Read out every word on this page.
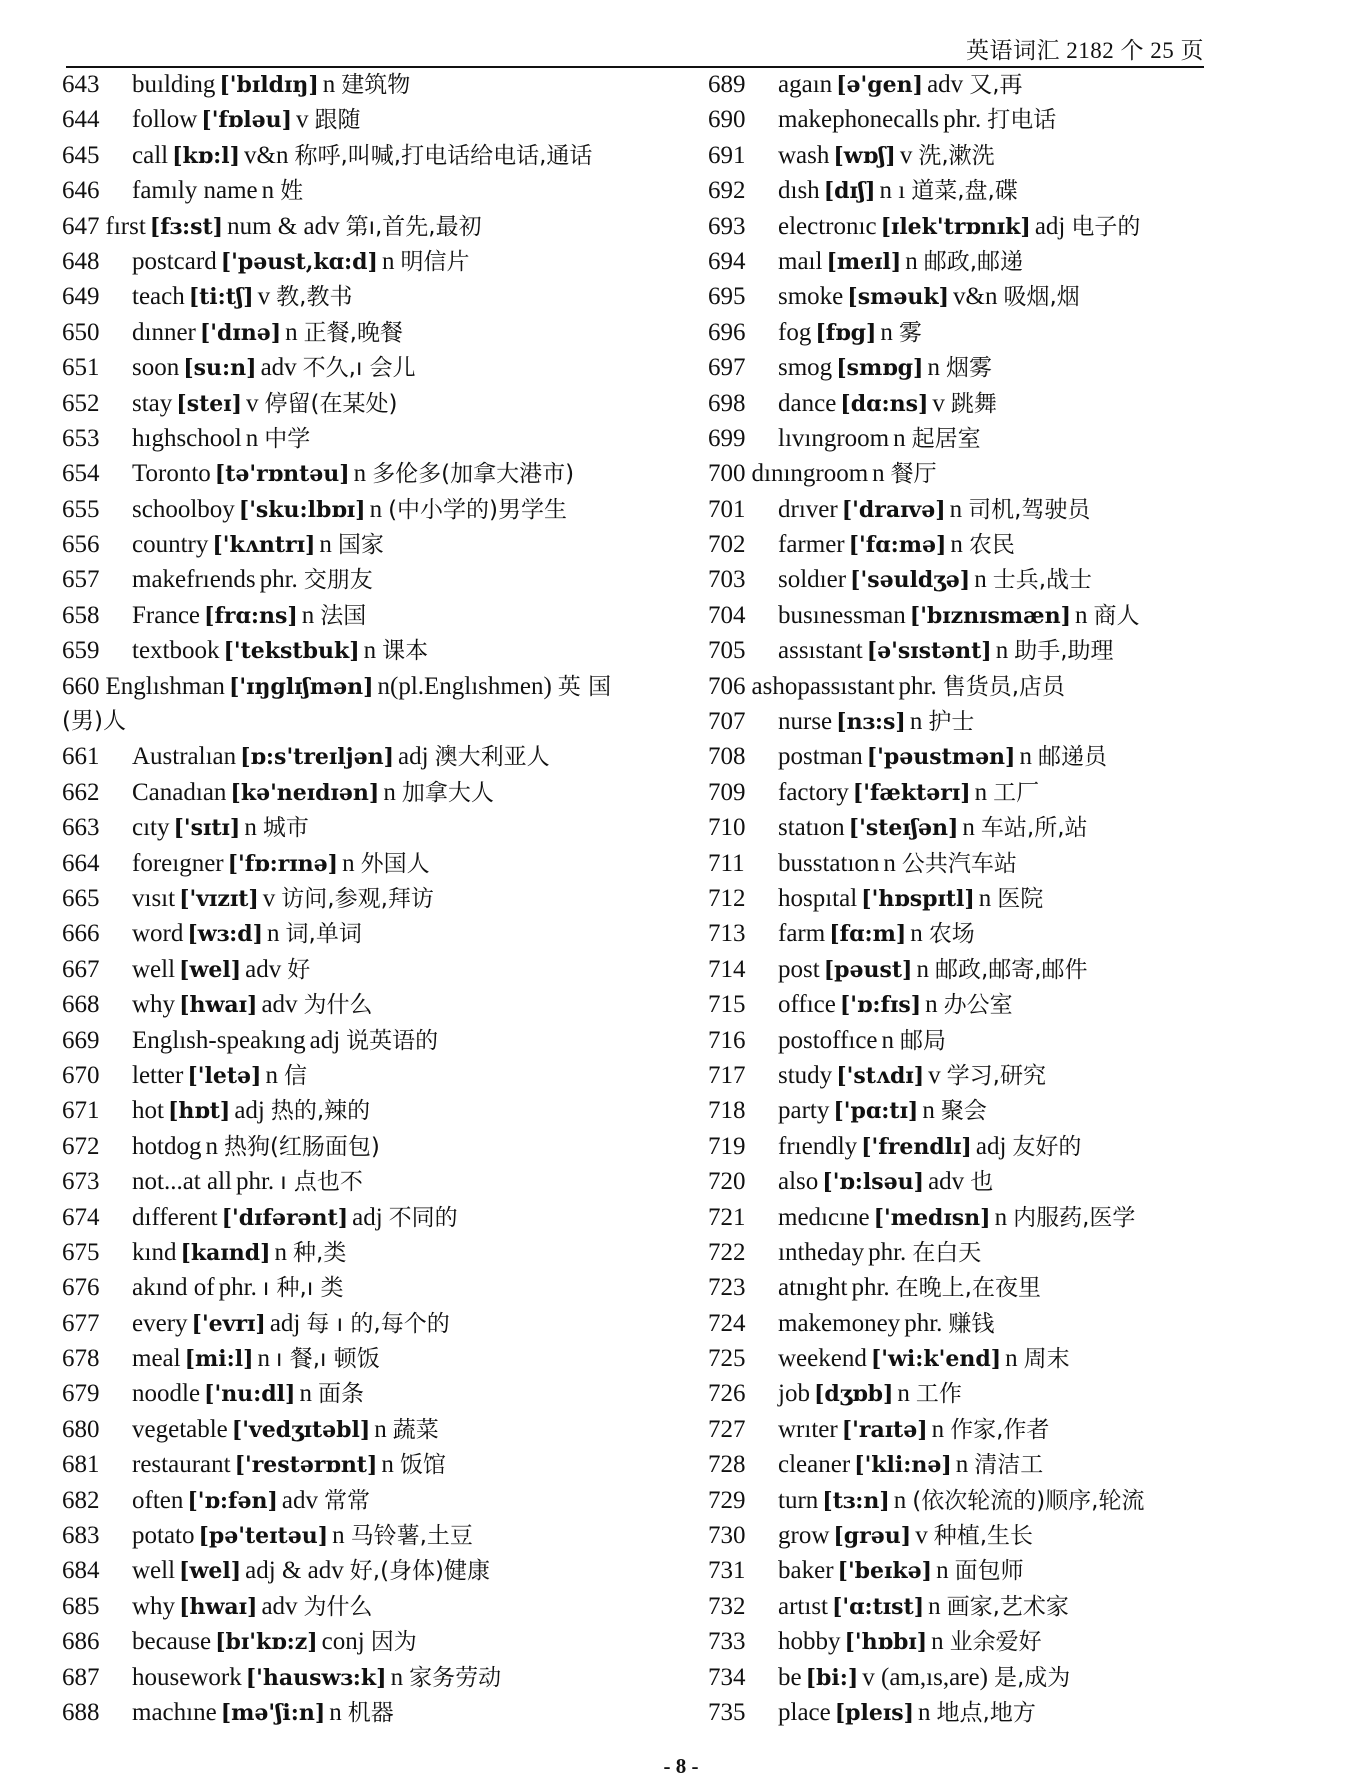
英语词汇 2182 个 25 页
643	buılding ['bɪldɪŋ] n 建筑物
644	follow ['fɒləu] v 跟随
645	call [kɒ:l] v&n 称呼,叫喊,打电话给电话,通话
646	famıly name n 姓
647 fırst [fɜ:st] num & adv 第ı,首先,最初
648	postcard ['pəust,kɑ:d] n 明信片
649	teach [ti:tʃ] v 教,教书
650	dınner ['dɪnə] n 正餐,晚餐
651	soon [su:n] adv 不久,ı 会儿
652	stay [steɪ] v 停留(在某处)
653	hıghschool n 中学
654	Toronto [tə'rɒntəu] n 多伦多(加拿大港市)
655	schoolboy ['sku:lbɒɪ] n (中小学的)男学生
656	country ['kʌntrɪ] n 国家
657	makefrıends phr. 交朋友
658	France [frɑ:ns] n 法国
659	textbook ['tekstbuk] n 课本
660 Englıshman ['ɪŋglɪʃmən] n(pl.Englıshmen) 英 国
(男)人
661	Australıan [ɒ:s'treɪljən] adj 澳大利亚人
662	Canadıan [kə'neɪdɪən] n 加拿大人
663	cıty ['sɪtɪ] n 城市
664	foreıgner ['fɒ:rɪnə] n 外国人
665	vısıt ['vɪzɪt] v 访问,参观,拜访
666	word [wɜ:d] n 词,单词
667	well [wel] adv 好
668	why [hwaɪ] adv 为什么
669	Englısh-speakıng adj 说英语的
670	letter ['letə] n 信
671	hot [hɒt] adj 热的,辣的
672	hotdog n 热狗(红肠面包)
673	not...at all phr. ı 点也不
674	dıfferent ['dɪfərənt] adj 不同的
675	kınd [kaɪnd] n 种,类
676	akınd of phr. ı 种,ı 类
677	every ['evrɪ] adj 每 ı 的,每个的
678	meal [mi:l] n ı 餐,ı 顿饭
679	noodle ['nu:dl] n 面条
680	vegetable ['vedʒɪtəbl] n 蔬菜
681	restaurant ['restərɒnt] n 饭馆
682	often ['ɒ:fən] adv 常常
683	potato [pə'teɪtəu] n 马铃薯,土豆
684	well [wel] adj & adv 好,(身体)健康
685	why [hwaɪ] adv 为什么
686	because [bɪ'kɒ:z] conj 因为
687	housework ['hauswɜ:k] n 家务劳动
688	machıne [mə'ʃi:n] n 机器
689	agaın [ə'gen] adv 又,再
690	makephonecalls phr. 打电话
691	wash [wɒʃ] v 洗,漱洗
692	dısh [dɪʃ] n ı 道菜,盘,碟
693	electronıc [ɪlek'trɒnɪk] adj 电子的
694	maıl [meɪl] n 邮政,邮递
695	smoke [sməuk] v&n 吸烟,烟
696	fog [fɒg] n 雾
697	smog [smɒg] n 烟雾
698	dance [dɑ:ns] v 跳舞
699	lıvıngroom n 起居室
700 dınıngroom n 餐厅
701	drıver ['draɪvə] n 司机,驾驶员
702	farmer ['fɑ:mə] n 农民
703	soldıer ['səuldʒə] n 士兵,战士
704	busınessman ['bɪznɪsmæn] n 商人
705	assıstant [ə'sɪstənt] n 助手,助理
706 ashopassıstant phr. 售货员,店员
707	nurse [nɜ:s] n 护士
708	postman ['pəustmən] n 邮递员
709	factory ['fæktərɪ] n 工厂
710	statıon ['steɪʃən] n 车站,所,站
711	busstatıon n 公共汽车站
712	hospıtal ['hɒspɪtl] n 医院
713	farm [fɑ:m] n 农场
714	post [pəust] n 邮政,邮寄,邮件
715	offıce ['ɒ:fɪs] n 办公室
716	postoffıce n 邮局
717	study ['stʌdɪ] v 学习,研究
718	party ['pɑ:tɪ] n 聚会
719	frıendly ['frendlɪ] adj 友好的
720	also ['ɒ:lsəu] adv 也
721	medıcıne ['medɪsn] n 内服药,医学
722	ıntheday phr. 在白天
723	atnıght phr. 在晚上,在夜里
724	makemoney phr. 赚钱
725	weekend ['wi:k'end] n 周末
726	job [dʒɒb] n 工作
727	wrıter ['raɪtə] n 作家,作者
728	cleaner ['kli:nə] n 清洁工
729	turn [tɜ:n] n (依次轮流的)顺序,轮流
730	grow [grəu] v 种植,生长
731	baker ['beɪkə] n 面包师
732	artıst ['ɑ:tɪst] n 画家,艺术家
733	hobby ['hɒbɪ] n 业余爱好
734	be [bi:] v (am,ıs,are) 是,成为
735	place [pleɪs] n 地点,地方
- 8 -
